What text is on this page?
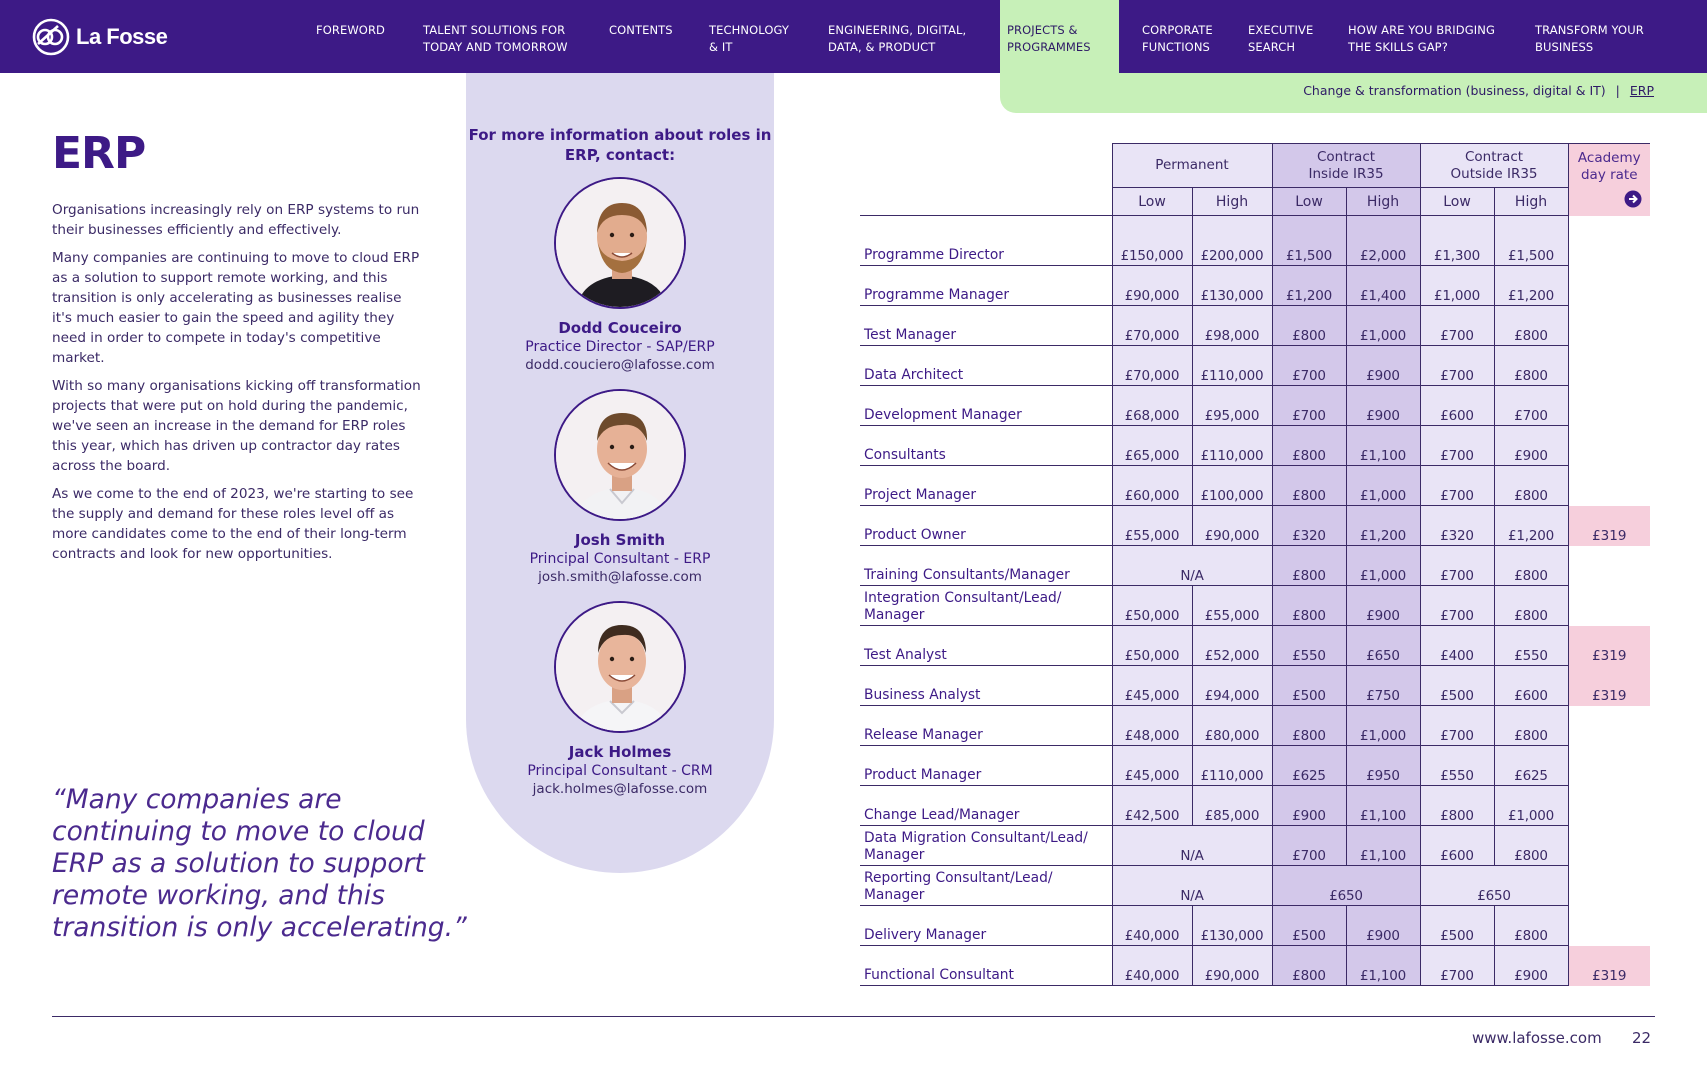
La Fosse	FOREWORD	TALENT SOLUTIONS FOR
TODAY AND TOMORROW
CONTENTS	TECHNOLOGY
& IT
ENGINEERING, DIGITAL,
DATA, & PRODUCT
PROJECTS &
PROGRAMMES
CORPORATE
FUNCTIONS
EXECUTIVE
SEARCH
HOW ARE YOU BRIDGING
THE SKILLS GAP?
TRANSFORM YOUR
BUSINESS
Change & transformation (business, digital & IT) | ERP
ERP

Organisations increasingly rely on ERP systems to run their businesses efficiently and effectively.

Many companies are continuing to move to cloud ERP as a solution to support remote working, and this transition is only accelerating as businesses realise it's much easier to gain the speed and agility they need in order to compete in today's competitive market.

With so many organisations kicking off transformation projects that were put on hold during the pandemic, we've seen an increase in the demand for ERP roles this year, which has driven up contractor day rates across the board.

As we come to the end of 2023, we're starting to see the supply and demand for these roles level off as more candidates come to the end of their long-term contracts and look for new opportunities.

“Many companies are continuing to move to cloud ERP as a solution to support remote working, and this transition is only accelerating.”
For more information about roles in ERP, contact:
Dodd Couceiro
Practice Director - SAP/ERP
dodd.couciero@lafosse.com
Josh Smith
Principal Consultant - ERP
josh.smith@lafosse.com
Jack Holmes
Principal Consultant - CRM
jack.holmes@lafosse.com
	Permanent		Contract
Inside IR35		Contract
Outside IR35		Academy
day rate

	Low	High	Low	High	Low	High	

Programme Director	£150,000	£200,000	£1,500	£2,000	£1,300	£1,500	
Programme Manager	£90,000	£130,000	£1,200	£1,400	£1,000	£1,200	
Test Manager	£70,000	£98,000	£800	£1,000	£700	£800	
Data Architect	£70,000	£110,000	£700	£900	£700	£800	
Development Manager	£68,000	£95,000	£700	£900	£600	£700	
Consultants	£65,000	£110,000	£800	£1,100	£700	£900	
Project Manager	£60,000	£100,000	£800	£1,000	£700	£800	
Product Owner	£55,000	£90,000	£320	£1,200	£320	£1,200	£319
Training Consultants/Manager	N/A		£800	£1,000	£700	£800	
Integration Consultant/Lead/
Manager	£50,000	£55,000	£800	£900	£700	£800	
Test Analyst	£50,000	£52,000	£550	£650	£400	£550	£319
Business Analyst	£45,000	£94,000	£500	£750	£500	£600	£319
Release Manager	£48,000	£80,000	£800	£1,000	£700	£800	
Product Manager	£45,000	£110,000	£625	£950	£550	£625	
Change Lead/Manager	£42,500	£85,000	£900	£1,100	£800	£1,000	
Data Migration Consultant/Lead/
Manager	N/A		£700	£1,100	£600	£800	
Reporting Consultant/Lead/
Manager	N/A		£650		£650		
Delivery Manager	£40,000	£130,000	£500	£900	£500	£800	
Functional Consultant	£40,000	£90,000	£800	£1,100	£700	£900	£319
www.lafosse.com 22
